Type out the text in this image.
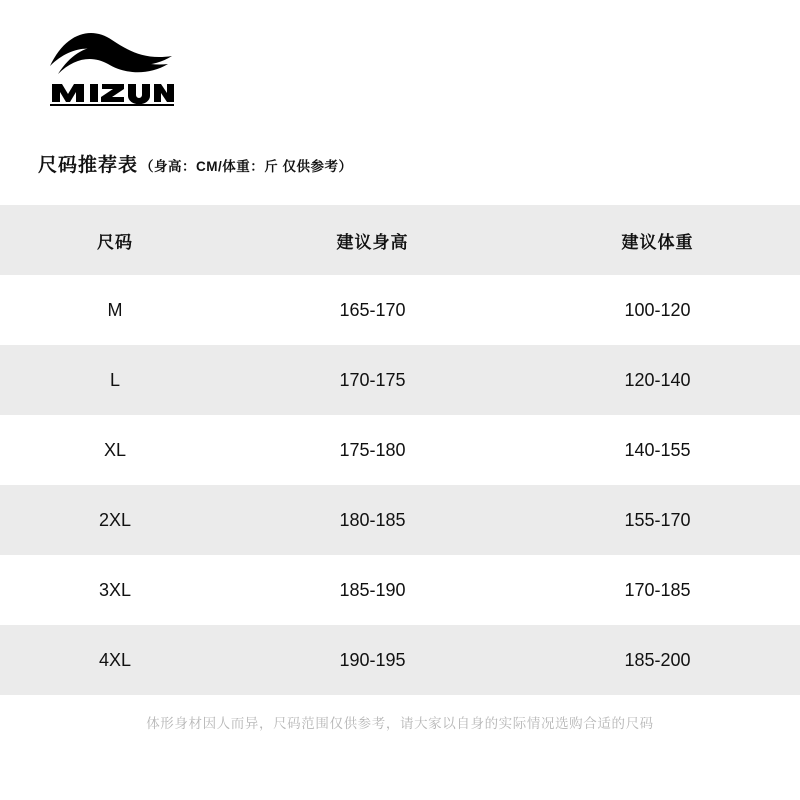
尺码推荐表 （身高：CM/体重：斤 仅供参考）
尺码	建议身高	建议体重
M	165-170	100-120
L	170-175	120-140
XL	175-180	140-155
2XL	180-185	155-170
3XL	185-190	170-185
4XL	190-195	185-200
体形身材因人而异，尺码范围仅供参考，请大家以自身的实际情况选购合适的尺码
